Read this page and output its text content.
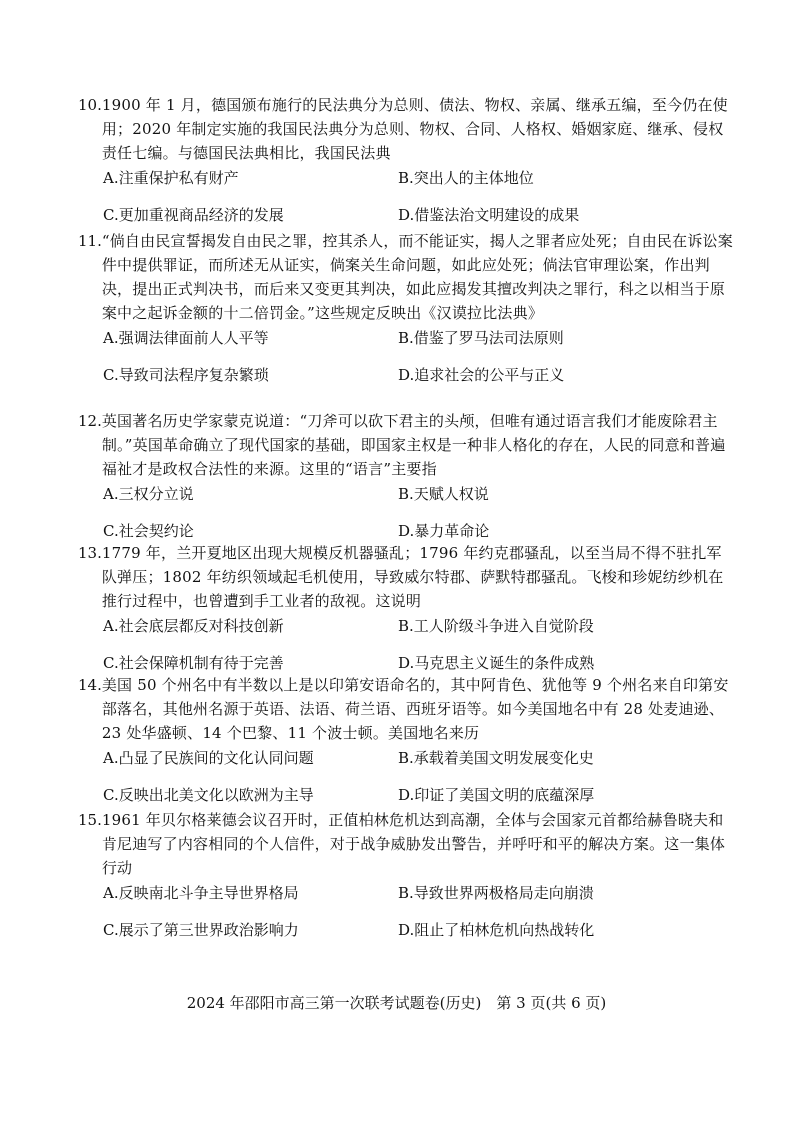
10. 1900 年 1 月，德国颁布施行的民法典分为总则、债法、物权、亲属、继承五编，至今仍在使用；2020 年制定实施的我国民法典分为总则、物权、合同、人格权、婚姻家庭、继承、侵权责任七编。与德国民法典相比，我国民法典
A.注重保护私有财产	B.突出人的主体地位
C.更加重视商品经济的发展	D.借鉴法治文明建设的成果
11. “倘自由民宣誓揭发自由民之罪，控其杀人，而不能证实，揭人之罪者应处死；自由民在诉讼案件中提供罪证，而所述无从证实，倘案关生命问题，如此应处死；倘法官审理讼案，作出判决，提出正式判决书，而后来又变更其判决，如此应揭发其擅改判决之罪行，科之以相当于原案中之起诉金额的十二倍罚金。”这些规定反映出《汉谟拉比法典》
A.强调法律面前人人平等	B.借鉴了罗马法司法原则
C.导致司法程序复杂繁琐	D.追求社会的公平与正义
12. 英国著名历史学家蒙克说道：“刀斧可以砍下君主的头颅，但唯有通过语言我们才能废除君主制。”英国革命确立了现代国家的基础，即国家主权是一种非人格化的存在，人民的同意和普遍福祉才是政权合法性的来源。这里的“语言”主要指
A.三权分立说	B.天赋人权说
C.社会契约论	D.暴力革命论
13. 1779 年，兰开夏地区出现大规模反机器骚乱；1796 年约克郡骚乱，以至当局不得不驻扎军队弹压；1802 年纺织领域起毛机使用，导致威尔特郡、萨默特郡骚乱。飞梭和珍妮纺纱机在推行过程中，也曾遭到手工业者的敌视。这说明
A.社会底层都反对科技创新	B.工人阶级斗争进入自觉阶段
C.社会保障机制有待于完善	D.马克思主义诞生的条件成熟
14. 美国 50 个州名中有半数以上是以印第安语命名的，其中阿肯色、犹他等 9 个州名来自印第安部落名，其他州名源于英语、法语、荷兰语、西班牙语等。如今美国地名中有 28 处麦迪逊、23 处华盛顿、14 个巴黎、11 个波士顿。美国地名来历
A.凸显了民族间的文化认同问题	B.承载着美国文明发展变化史
C.反映出北美文化以欧洲为主导	D.印证了美国文明的底蕴深厚
15. 1961 年贝尔格莱德会议召开时，正值柏林危机达到高潮，全体与会国家元首都给赫鲁晓夫和肯尼迪写了内容相同的个人信件，对于战争威胁发出警告，并呼吁和平的解决方案。这一集体行动
A.反映南北斗争主导世界格局	B.导致世界两极格局走向崩溃
C.展示了第三世界政治影响力	D.阻止了柏林危机向热战转化
2024 年邵阳市高三第一次联考试题卷(历史)　第 3 页(共 6 页)
